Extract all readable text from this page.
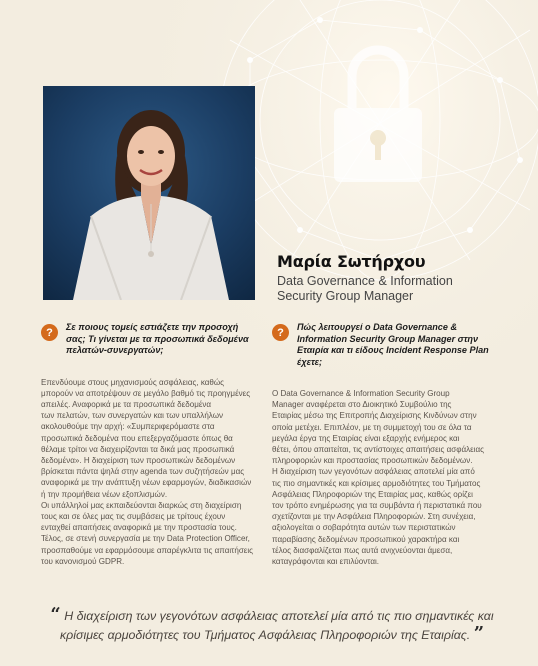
Μαρία Σωτήρχου

Data Governance & Information
Security Group Manager
?	Σε ποιους τομείς εστιάζετε την προσοχή σας; Τι γίνεται με τα προσωπικά δεδομένα πελατών-συνεργατών;
Επενδύουμε στους μηχανισμούς ασφάλειας, καθώς
μπορούν να αποτρέψουν σε μεγάλο βαθμό τις προηγμένες
απειλές. Αναφορικά με τα προσωπικά δεδομένα
των πελατών, των συνεργατών και των υπαλλήλων
ακολουθούμε την αρχή: «Συμπεριφερόμαστε στα
προσωπικά δεδομένα που επεξεργαζόμαστε όπως θα
θέλαμε τρίτοι να διαχειρίζονται τα δικά μας προσωπικά
δεδομένα». Η διαχείριση των προσωπικών δεδομένων
βρίσκεται πάντα ψηλά στην agenda των συζητήσεών μας
αναφορικά με την ανάπτυξη νέων εφαρμογών, διαδικασιών
ή την προμήθεια νέων εξοπλισμών.
Οι υπάλληλοί μας εκπαιδεύονται διαρκώς στη διαχείριση
τους και σε όλες μας τις συμβάσεις με τρίτους έχουν
ενταχθεί απαιτήσεις αναφορικά με την προστασία τους.
Τέλος, σε στενή συνεργασία με την Data Protection Officer,
προσπαθούμε να εφαρμόσουμε απαρέγκλιτα τις απαιτήσεις
του κανονισμού GDPR.
?	Πώς λειτουργεί ο Data Governance & Information Security Group Manager στην Εταιρία και τι είδους Incident Response Plan έχετε;
Ο Data Governance & Information Security Group
Manager αναφέρεται στο Διοικητικό Συμβούλιο της
Εταιρίας μέσω της Επιτροπής Διαχείρισης Κινδύνων στην
οποία μετέχει. Επιπλέον, με τη συμμετοχή του σε όλα τα
μεγάλα έργα της Εταιρίας είναι εξαρχής ενήμερος και
θέτει, όπου απαιτείται, τις αντίστοιχες απαιτήσεις ασφάλειας
πληροφοριών και προστασίας προσωπικών δεδομένων.
Η διαχείριση των γεγονότων ασφάλειας αποτελεί μία από
τις πιο σημαντικές και κρίσιμες αρμοδιότητες του Τμήματος
Ασφάλειας Πληροφοριών της Εταιρίας μας, καθώς ορίζει
τον τρόπο ενημέρωσης για τα συμβάντα ή περιστατικά που
σχετίζονται με την Ασφάλεια Πληροφοριών. Στη συνέχεια,
αξιολογείται ο σοβαρότητα αυτών των περιστατικών
παραβίασης δεδομένων προσωπικού χαρακτήρα και
τέλος διασφαλίζεται πως αυτά ανιχνεύονται άμεσα,
καταγράφονται και επιλύονται.
“ Η διαχείριση των γεγονότων ασφάλειας αποτελεί μία από τις πιο σημαντικές και κρίσιμες αρμοδιότητες του Τμήματος Ασφάλειας Πληροφοριών της Εταιρίας. ”
